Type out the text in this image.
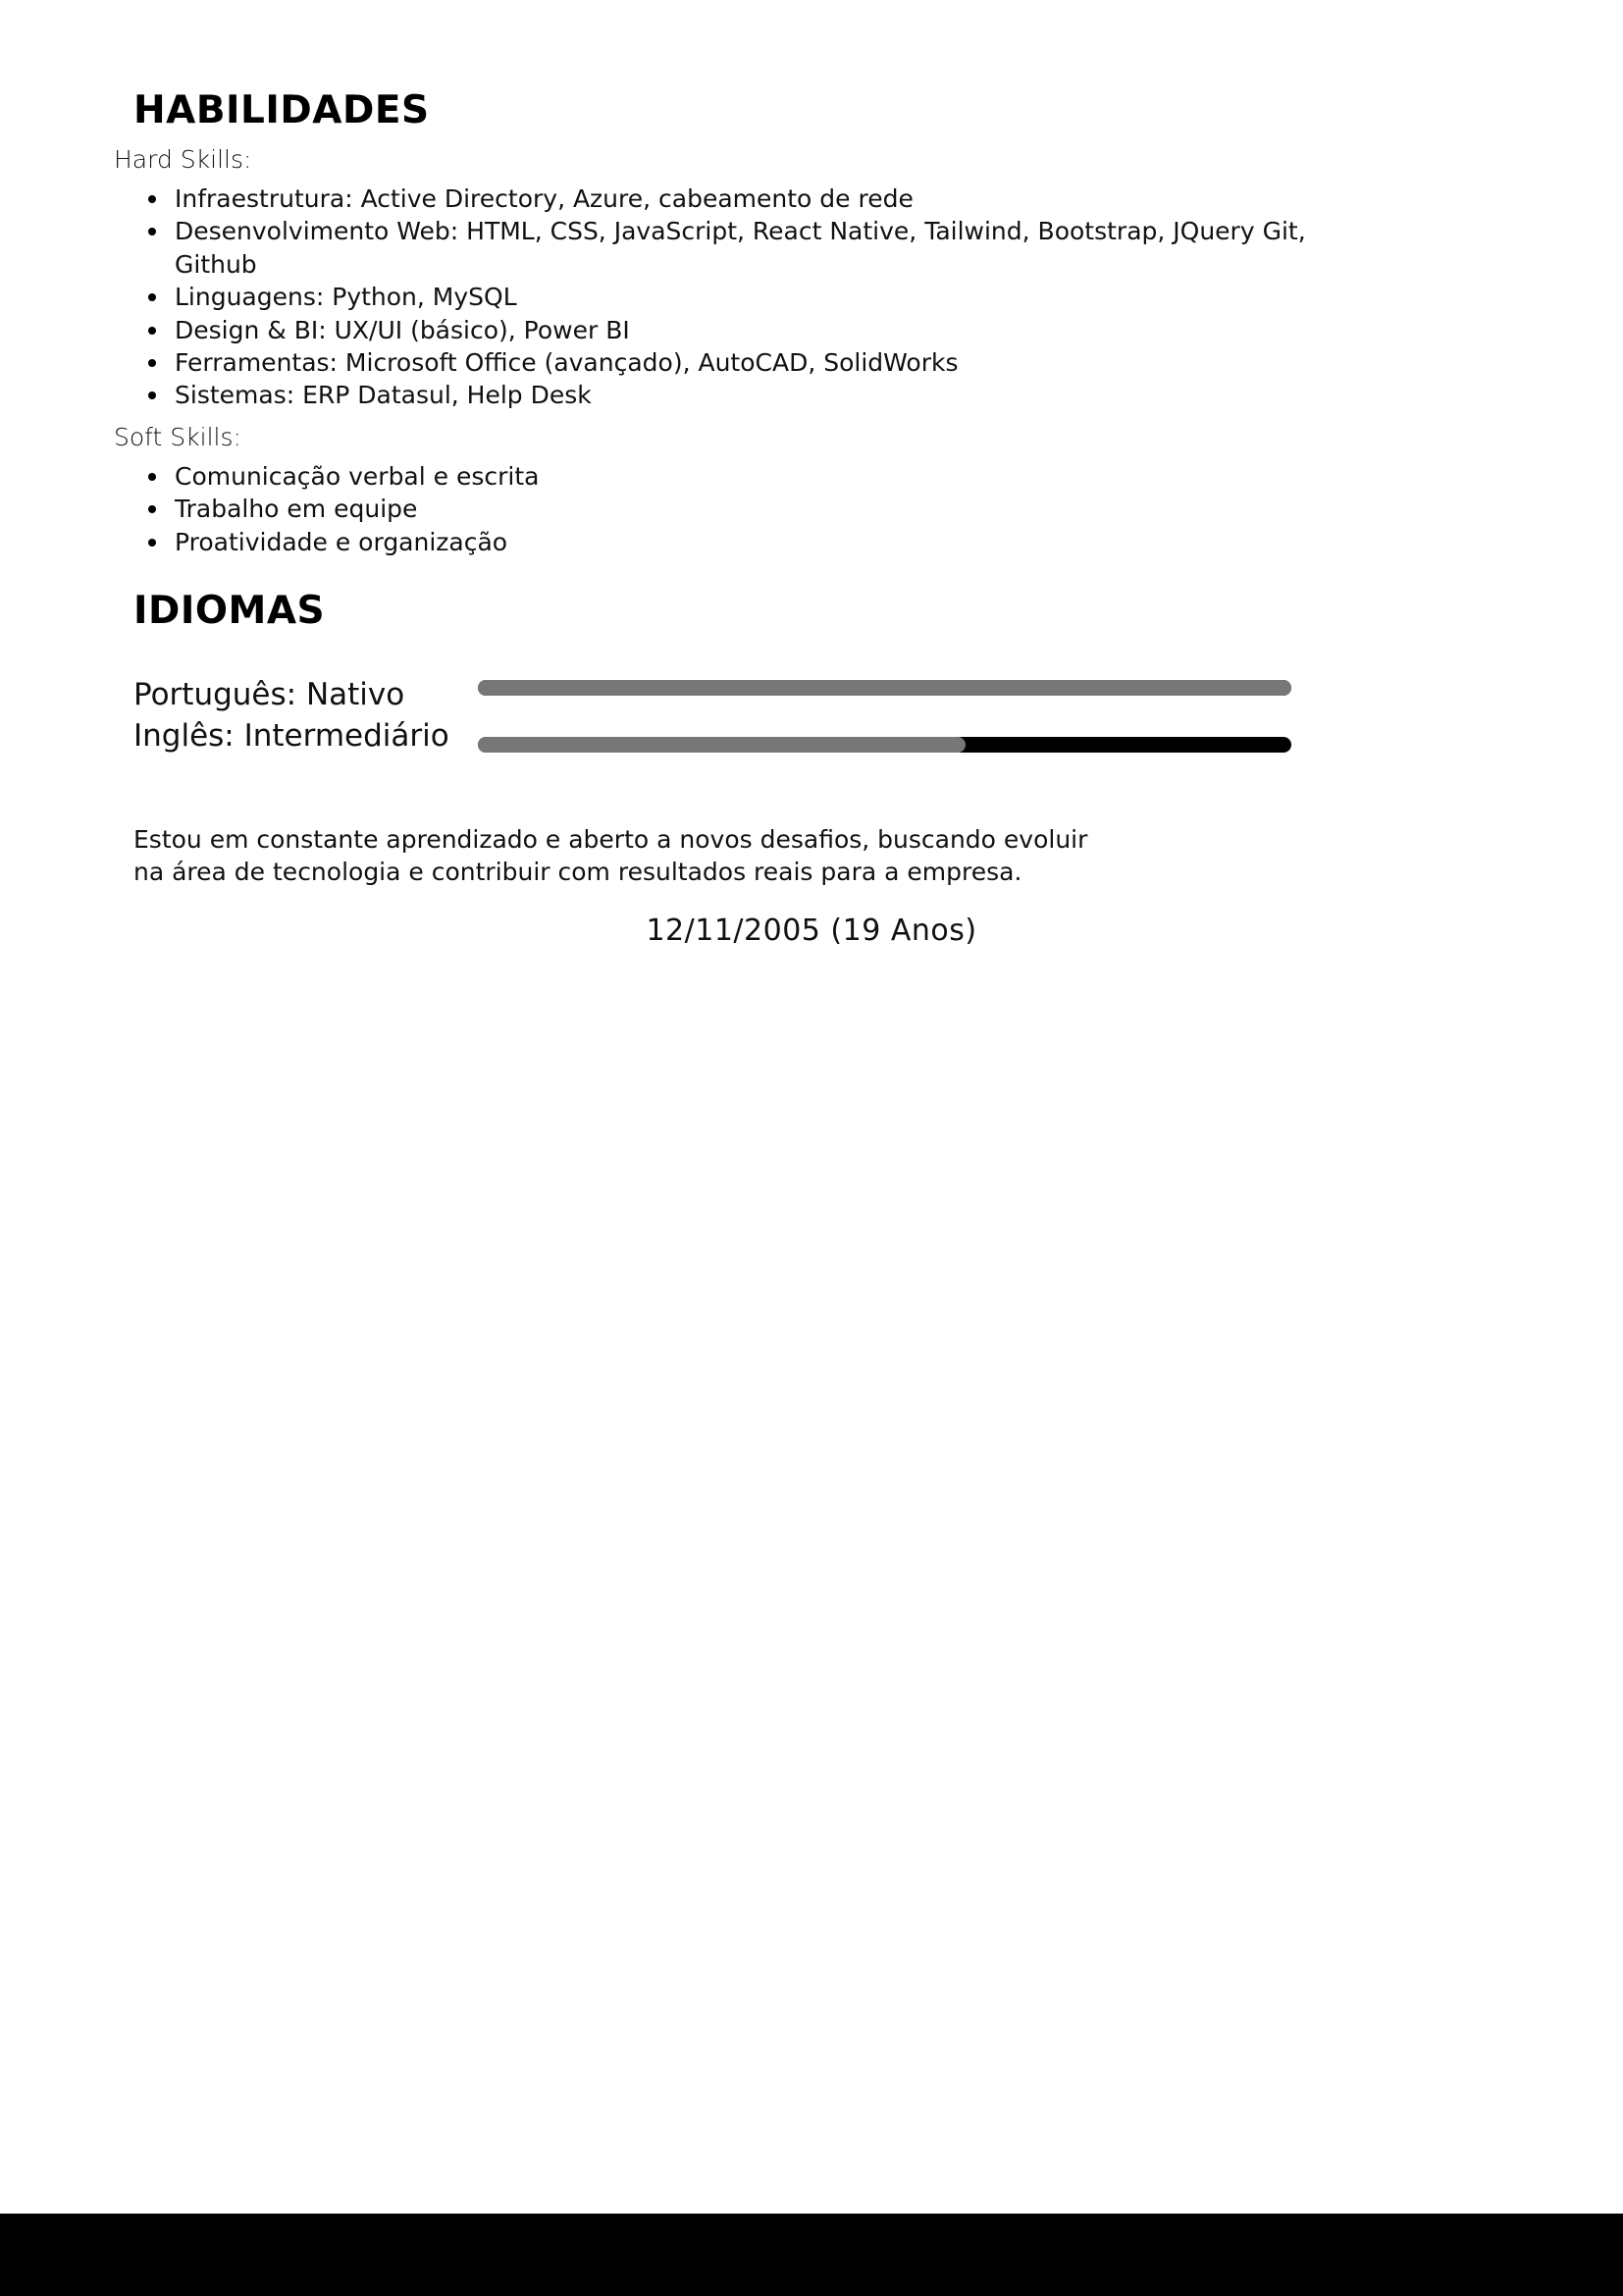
HABILIDADES

Hard Skills:

Infraestrutura: Active Directory, Azure, cabeamento de rede
Desenvolvimento Web: HTML, CSS, JavaScript, React Native, Tailwind, Bootstrap, JQuery Git, Github
Linguagens: Python, MySQL
Design & BI: UX/UI (básico), Power BI
Ferramentas: Microsoft Office (avançado), AutoCAD, SolidWorks
Sistemas: ERP Datasul, Help Desk

Soft Skills:

Comunicação verbal e escrita
Trabalho em equipe
Proatividade e organização
IDIOMAS
Português: Nativo
Inglês: Intermediário

Estou em constante aprendizado e aberto a novos desafios, buscando evoluir
na área de tecnologia e contribuir com resultados reais para a empresa.

12/11/2005 (19 Anos)
